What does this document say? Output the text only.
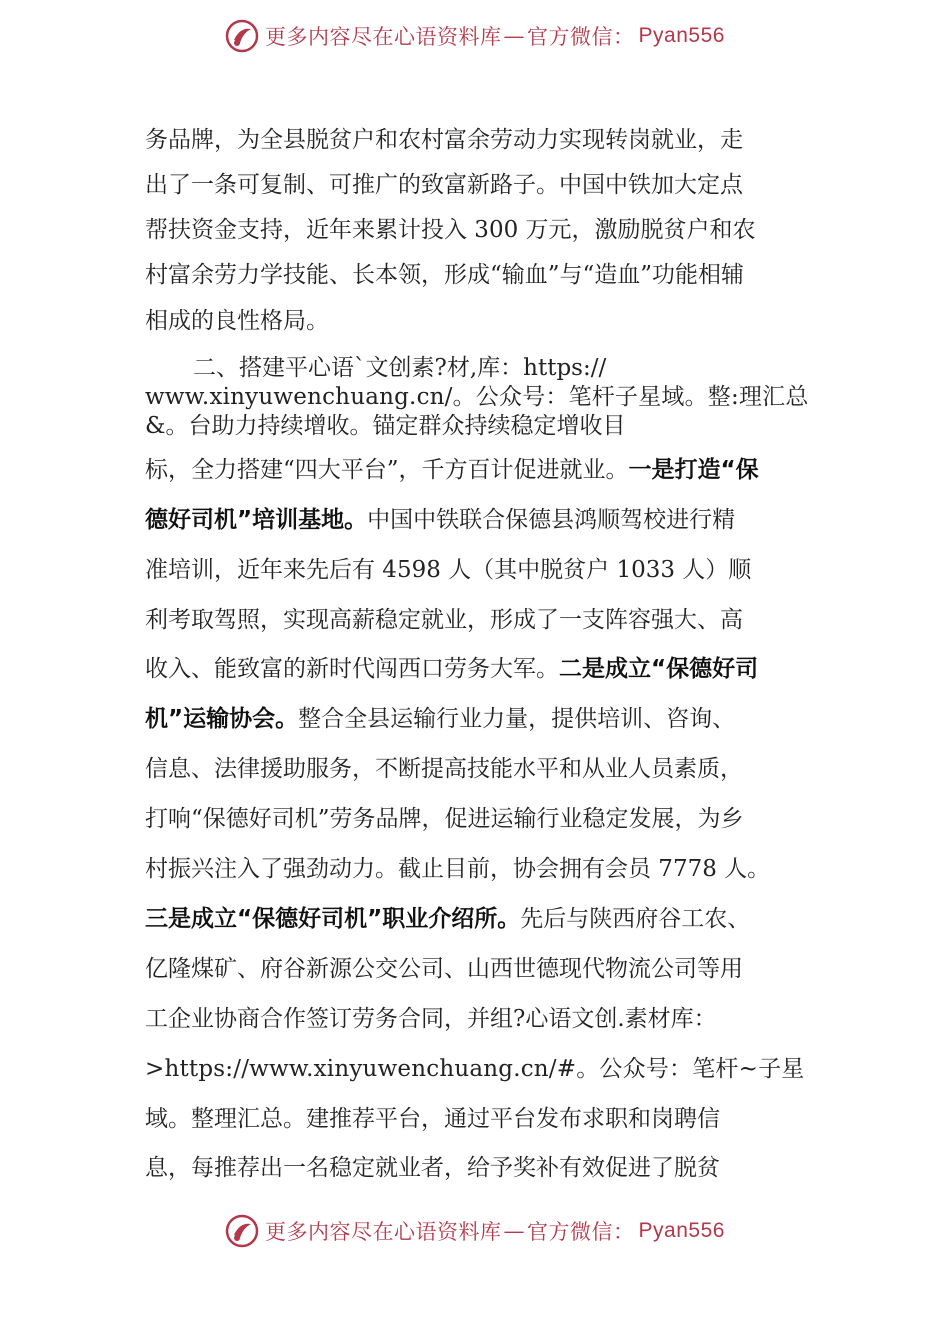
更多内容尽在心语资料库 — 官方微信： Pyan556
务品牌，为全县脱贫户和农村富余劳动力实现转岗就业，走
出了一条可复制、可推广的致富新路子。中国中铁加大定点
帮扶资金支持，近年来累计投入 300 万元，激励脱贫户和农
村富余劳力学技能、长本领，形成“输血”与“造血”功能相辅
相成的良性格局。
二、搭建平心语`文创素?材,库：https://
www.xinyuwenchuang.cn/。公众号：笔杆子星域。整:理汇总
&。台助力持续增收。锚定群众持续稳定增收目
标，全力搭建“四大平台”，千方百计促进就业。一是打造“保
德好司机”培训基地。中国中铁联合保德县鸿顺驾校进行精
准培训，近年来先后有 4598 人（其中脱贫户 1033 人）顺
利考取驾照，实现高薪稳定就业，形成了一支阵容强大、高
收入、能致富的新时代闯西口劳务大军。二是成立“保德好司
机”运输协会。整合全县运输行业力量，提供培训、咨询、
信息、法律援助服务，不断提高技能水平和从业人员素质，
打响“保德好司机”劳务品牌，促进运输行业稳定发展，为乡
村振兴注入了强劲动力。截止目前，协会拥有会员 7778 人。
三是成立“保德好司机”职业介绍所。先后与陕西府谷工农、
亿隆煤矿、府谷新源公交公司、山西世德现代物流公司等用
工企业协商合作签订劳务合同，并组?心语文创.素材库：
>https://www.xinyuwenchuang.cn/#。公众号：笔杆~子星
域。整理汇总。建推荐平台，通过平台发布求职和岗聘信
息，每推荐出一名稳定就业者，给予奖补有效促进了脱贫
更多内容尽在心语资料库 — 官方微信： Pyan556
